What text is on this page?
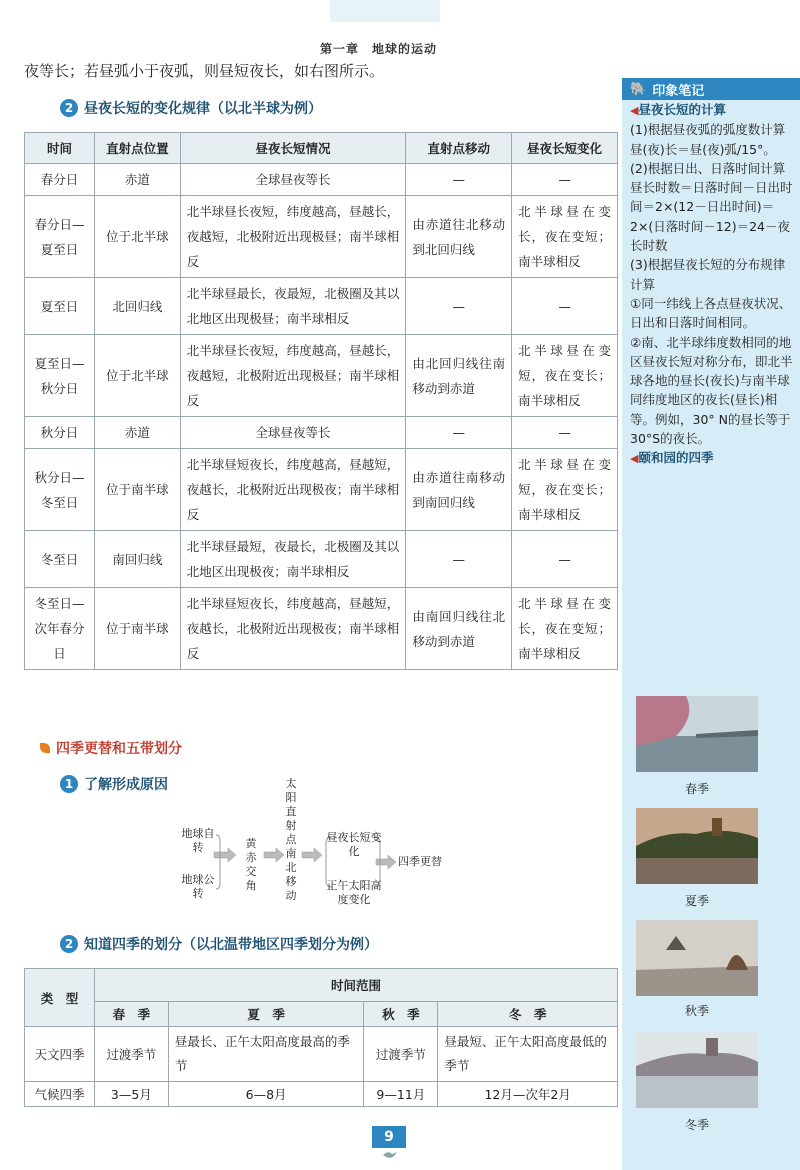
第一章　地球的运动
夜等长；若昼弧小于夜弧，则昼短夜长，如右图所示。
2 昼夜长短的变化规律（以北半球为例）
时间	直射点位置	昼夜长短情况	直射点移动	昼夜长短变化
春分日	赤道	全球昼夜等长	—	—
春分日—夏至日	位于北半球	北半球昼长夜短，纬度越高，昼越长，夜越短，北极附近出现极昼；南半球相反	由赤道往北移动到北回归线	北半球昼在变长，夜在变短；南半球相反
夏至日	北回归线	北半球昼最长，夜最短，北极圈及其以北地区出现极昼；南半球相反	—	—
夏至日—秋分日	位于北半球	北半球昼长夜短，纬度越高，昼越长，夜越短，北极附近出现极昼；南半球相反	由北回归线往南移动到赤道	北半球昼在变短，夜在变长；南半球相反
秋分日	赤道	全球昼夜等长	—	—
秋分日—冬至日	位于南半球	北半球昼短夜长，纬度越高，昼越短，夜越长，北极附近出现极夜；南半球相反	由赤道往南移动到南回归线	北半球昼在变短，夜在变长；南半球相反
冬至日	南回归线	北半球昼最短，夜最长，北极圈及其以北地区出现极夜；南半球相反	—	—
冬至日—次年春分日	位于南半球	北半球昼短夜长，纬度越高，昼越短，夜越长，北极附近出现极夜；南半球相反	由南回归线往北移动到赤道	北半球昼在变长，夜在变短；南半球相反
四季更替和五带划分
1 了解形成原因
地球自转
地球公转
黄赤交角
太阳直射点南北移动
昼夜长短变化
正午太阳高度变化
四季更替
2 知道四季的划分（以北温带地区四季划分为例）
类　型	时间范围			
	春　季	夏　季	秋　季	冬　季
天文四季	过渡季节	昼最长、正午太阳高度最高的季节	过渡季节	昼最短、正午太阳高度最低的季节
气候四季	3—5月	6—8月	9—11月	12月—次年2月
🐘 印象笔记
◀昼夜长短的计算
(1)根据昼夜弧的弧度数计算
昼(夜)长＝昼(夜)弧/15°。
(2)根据日出、日落时间计算
昼长时数＝日落时间－日出时间＝2×(12－日出时间)＝2×(日落时间－12)＝24－夜长时数
(3)根据昼夜长短的分布规律计算
①同一纬线上各点昼夜状况、日出和日落时间相同。
②南、北半球纬度数相同的地区昼夜长短对称分布，即北半球各地的昼长(夜长)与南半球同纬度地区的夜长(昼长)相等。例如，30° N的昼长等于30°S的夜长。
◀颐和园的四季
春季
夏季
秋季
冬季
9
